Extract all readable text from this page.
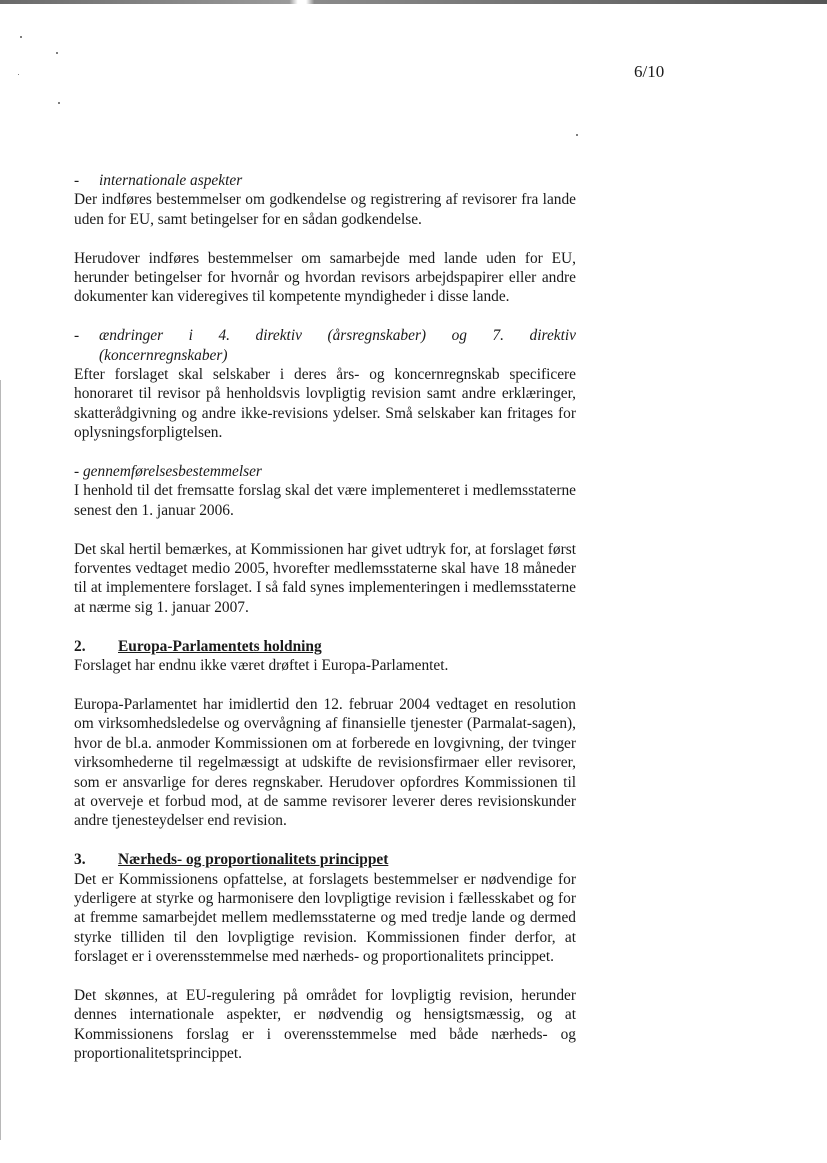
6/10
-	internationale aspekter

Der indføres bestemmelser om godkendelse og registrering af revisorer fra lande uden for EU, samt betingelser for en sådan godkendelse.

Herudover indføres bestemmelser om samarbejde med lande uden for EU, herunder betingelser for hvornår og hvordan revisors arbejdspapirer eller andre dokumenter kan videregives til kompetente myndigheder i disse lande.

-	ændringer i 4. direktiv (årsregnskaber) og 7. direktiv
(koncernregnskaber)

Efter forslaget skal selskaber i deres års- og koncernregnskab specificere honoraret til revisor på henholdsvis lovpligtig revision samt andre erklæringer, skatterådgivning og andre ikke-revisions ydelser. Små selskaber kan fritages for oplysningsforpligtelsen.

- gennemførelsesbestemmelser

I henhold til det fremsatte forslag skal det være implementeret i medlemsstaterne senest den 1. januar 2006.

Det skal hertil bemærkes, at Kommissionen har givet udtryk for, at forslaget først forventes vedtaget medio 2005, hvorefter medlemsstaterne skal have 18 måneder til at implementere forslaget. I så fald synes implementeringen i medlemsstaterne at nærme sig 1. januar 2007.

2.	Europa-Parlamentets holdning

Forslaget har endnu ikke været drøftet i Europa-Parlamentet.

Europa-Parlamentet har imidlertid den 12. februar 2004 vedtaget en resolution om virksomhedsledelse og overvågning af finansielle tjenester (Parmalat-sagen), hvor de bl.a. anmoder Kommissionen om at forberede en lovgivning, der tvinger virksomhederne til regelmæssigt at udskifte de revisionsfirmaer eller revisorer, som er ansvarlige for deres regnskaber. Herudover opfordres Kommissionen til at overveje et forbud mod, at de samme revisorer leverer deres revisionskunder andre tjenesteydelser end revision.

3.	Nærheds- og proportionalitets princippet

Det er Kommissionens opfattelse, at forslagets bestemmelser er nødvendige for yderligere at styrke og harmonisere den lovpligtige revision i fællesskabet og for at fremme samarbejdet mellem medlemsstaterne og med tredje lande og dermed styrke tilliden til den lovpligtige revision. Kommissionen finder derfor, at forslaget er i overensstemmelse med nærheds- og proportionalitets princippet.

Det skønnes, at EU-regulering på området for lovpligtig revision, herunder dennes internationale aspekter, er nødvendig og hensigtsmæssig, og at Kommissionens forslag er i overensstemmelse med både nærheds- og proportionalitetsprincippet.
